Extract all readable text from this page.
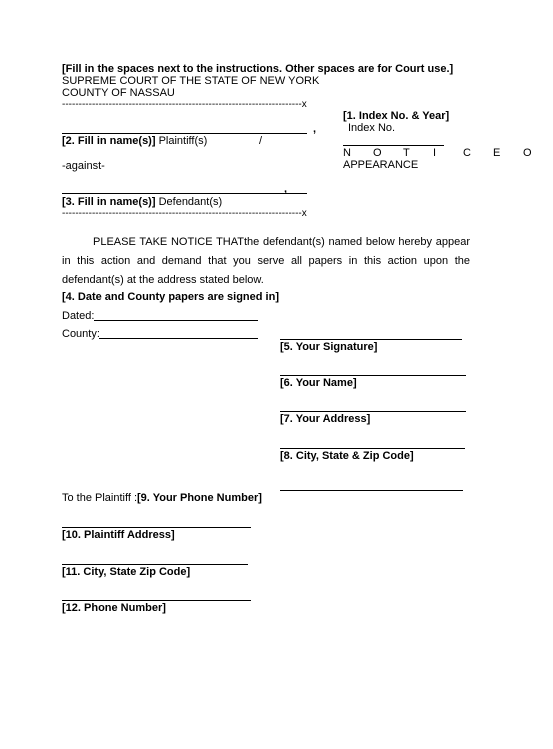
[Fill in the spaces next to the instructions. Other spaces are for Court use.]
SUPREME COURT OF THE STATE OF NEW YORK
COUNTY OF NASSAU
------------------------------------------------------------------------x
[1. Index No. & Year]
Index No.
,
[2. Fill in name(s)] Plaintiff(s)	/
N O T I C E O
APPEARANCE
-against-
,
[3. Fill in name(s)] Defendant(s)
------------------------------------------------------------------------x
PLEASE TAKE NOTICE THATthe defendant(s) named below hereby appear in this action and demand that you serve all papers in this action upon the defendant(s) at the address stated below.
[4. Date and County papers are signed in]
Dated:
County:
[5. Your Signature]
[6. Your Name]
[7. Your Address]
[8. City, State & Zip Code]
To the Plaintiff :[9. Your Phone Number]
[10. Plaintiff Address]
[11. City, State Zip Code]
[12. Phone Number]
